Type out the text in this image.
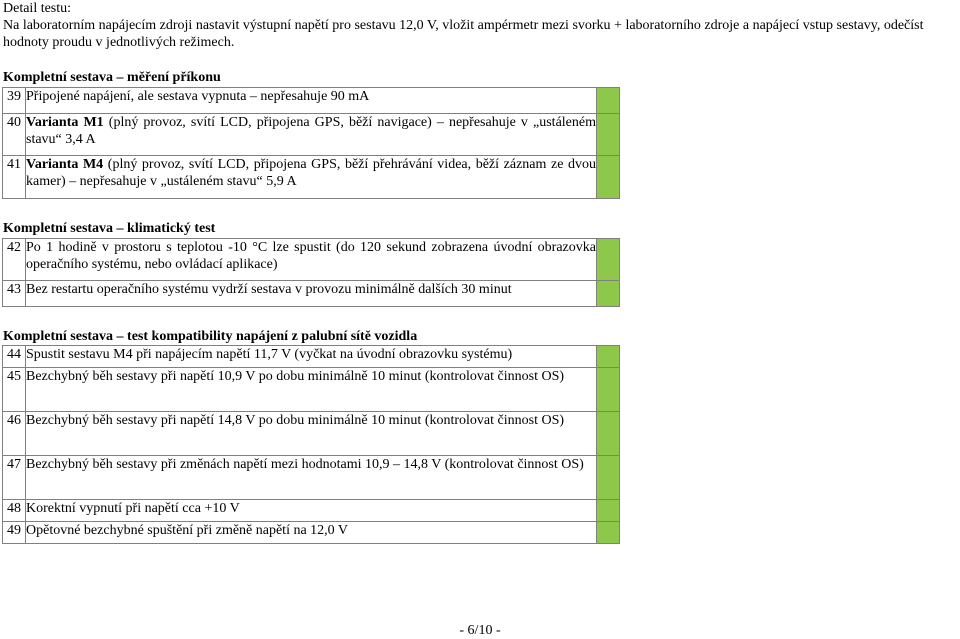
Detail testu:
Na laboratorním napájecím zdroji nastavit výstupní napětí pro sestavu 12,0 V, vložit ampérmetr mezi svorku + laboratorního zdroje a napájecí vstup sestavy, odečíst hodnoty proudu v jednotlivých režimech.
Kompletní sestava – měření příkonu
39	Připojené napájení, ale sestava vypnuta – nepřesahuje 90 mA	
40	Varianta M1 (plný provoz, svítí LCD, připojena GPS, běží navigace) – nepřesahuje v „ustáleném stavu“ 3,4 A	
41	Varianta M4 (plný provoz, svítí LCD, připojena GPS, běží přehrávání videa, běží záznam ze dvou kamer) – nepřesahuje v „ustáleném stavu“ 5,9 A	
Kompletní sestava – klimatický test
42	Po 1 hodině v prostoru s teplotou -10 °C lze spustit (do 120 sekund zobrazena úvodní obrazovka operačního systému, nebo ovládací aplikace)	
43	Bez restartu operačního systému vydrží sestava v provozu minimálně dalších 30 minut	
Kompletní sestava – test kompatibility napájení z palubní sítě vozidla
44	Spustit sestavu M4 při napájecím napětí 11,7 V (vyčkat na úvodní obrazovku systému)	
45	Bezchybný běh sestavy při napětí 10,9 V po dobu minimálně 10 minut (kontrolovat činnost OS)	
46	Bezchybný běh sestavy při napětí 14,8 V po dobu minimálně 10 minut (kontrolovat činnost OS)	
47	Bezchybný běh sestavy při změnách napětí mezi hodnotami 10,9 – 14,8 V (kontrolovat činnost OS)	
48	Korektní vypnutí při napětí cca +10 V	
49	Opětovné bezchybné spuštění při změně napětí na 12,0 V	
- 6/10 -
